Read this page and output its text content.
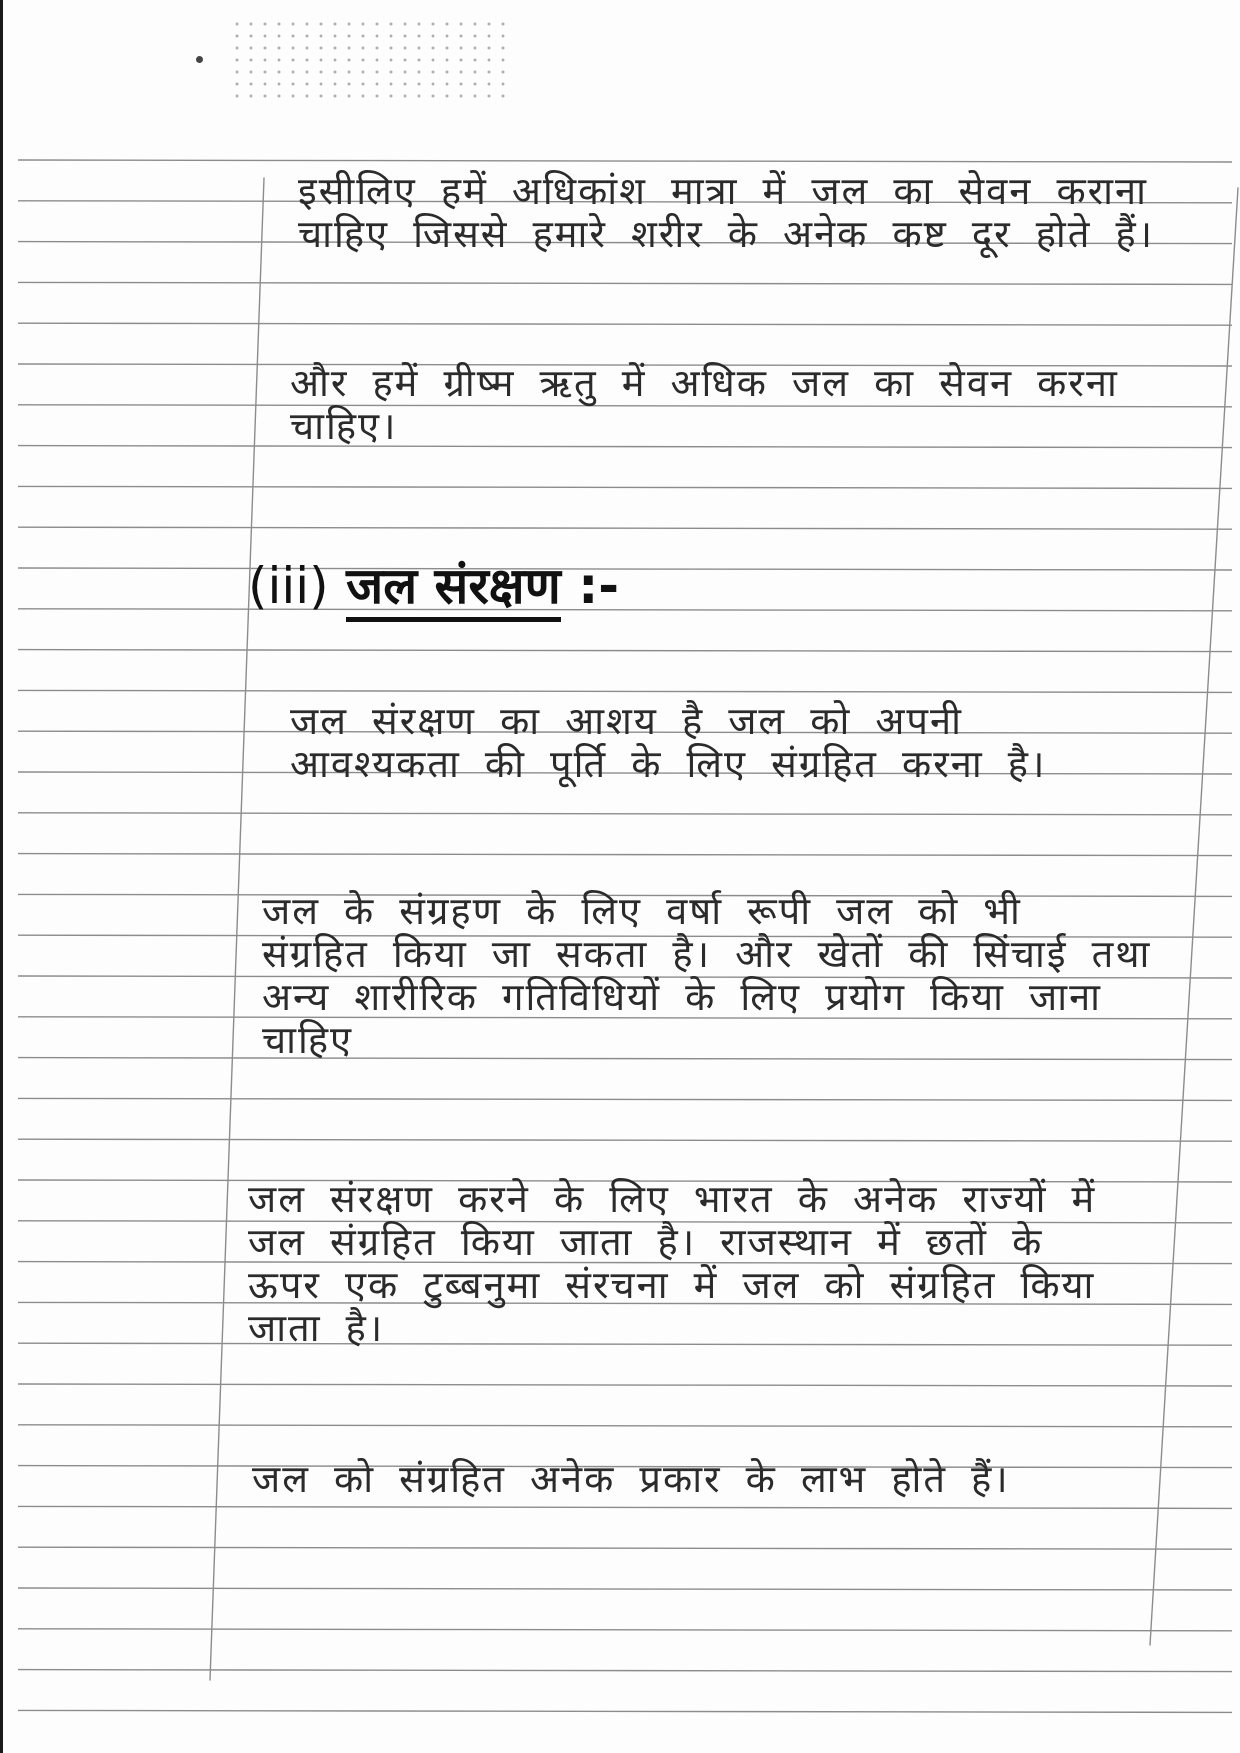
इसीलिए हमें अधिकांश मात्रा में जल का सेवन कराना चाहिए जिससे हमारे शरीर के अनेक कष्ट दूर होते हैं।

और हमें ग्रीष्म ऋतु में अधिक जल का सेवन करना चाहिए।

(iii) जल संरक्षण :-

जल संरक्षण का आशय है जल को अपनी आवश्यकता की पूर्ति के लिए संग्रहित करना है।

जल के संग्रहण के लिए वर्षा रूपी जल को भी संग्रहित किया जा सकता है। और खेतों की सिंचाई तथा अन्य शारीरिक गतिविधियों के लिए प्रयोग किया जाना चाहिए

जल संरक्षण करने के लिए भारत के अनेक राज्यों में जल संग्रहित किया जाता है। राजस्थान में छतों के ऊपर एक टुब्बनुमा संरचना में जल को संग्रहित किया जाता है।

जल को संग्रहित अनेक प्रकार के लाभ होते हैं।
